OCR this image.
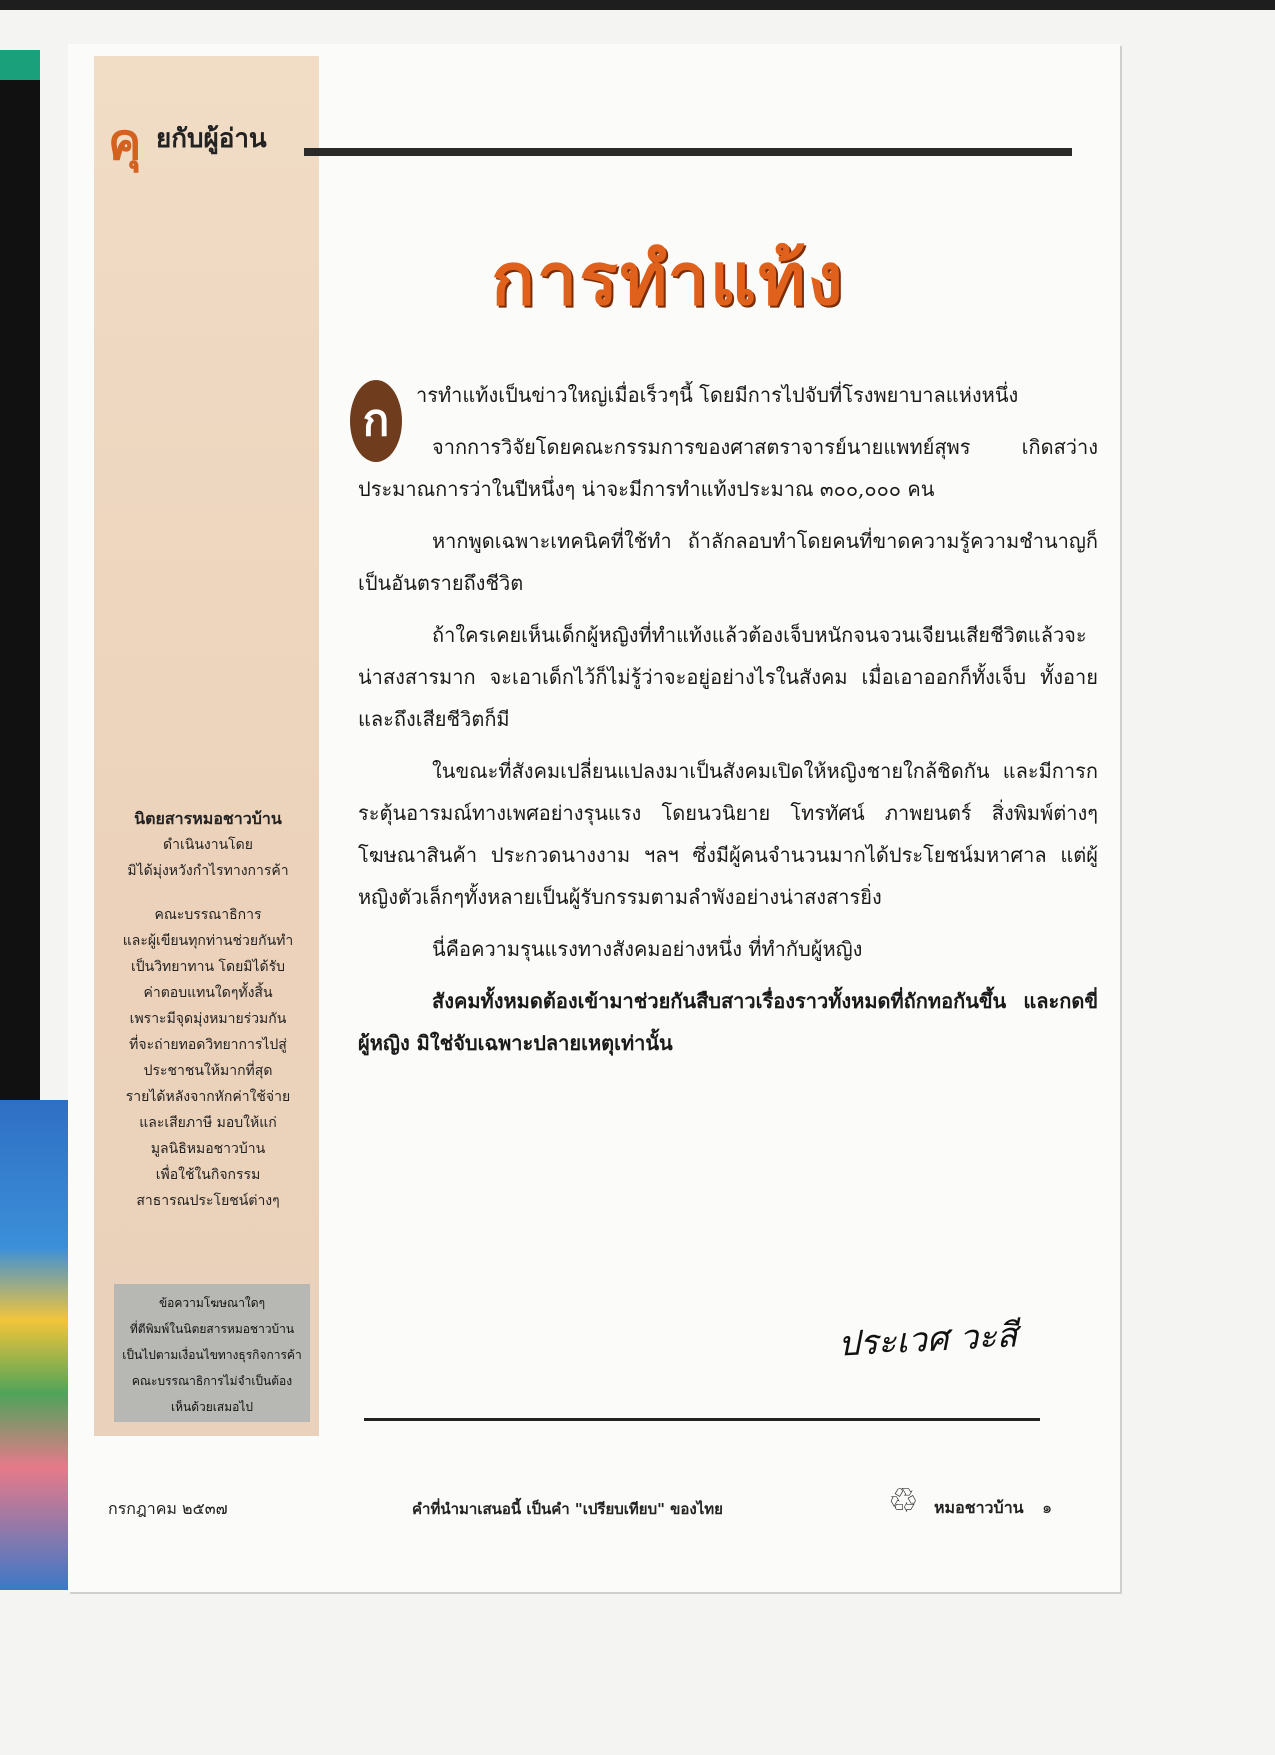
คุ ยกับผู้อ่าน
การทำแท้ง
ก	ารทำแท้งเป็นข่าวใหญ่เมื่อเร็วๆนี้ โดยมีการไปจับที่โรงพยาบาลแห่งหนึ่ง

จากการวิจัยโดยคณะกรรมการของศาสตราจารย์นายแพทย์สุพร เกิดสว่าง ประมาณการว่าในปีหนึ่งๆ น่าจะมีการทำแท้งประมาณ ๓๐๐,๐๐๐ คน

หากพูดเฉพาะเทคนิคที่ใช้ทำ ถ้าลักลอบทำโดยคนที่ขาดความรู้ความชำนาญก็เป็นอันตรายถึงชีวิต

ถ้าใครเคยเห็นเด็กผู้หญิงที่ทำแท้งแล้วต้องเจ็บหนักจนจวนเจียนเสียชีวิตแล้วจะน่าสงสารมาก จะเอาเด็กไว้ก็ไม่รู้ว่าจะอยู่อย่างไรในสังคม เมื่อเอาออกก็ทั้งเจ็บ ทั้งอาย และถึงเสียชีวิตก็มี

ในขณะที่สังคมเปลี่ยนแปลงมาเป็นสังคมเปิดให้หญิงชายใกล้ชิดกัน และมีการกระตุ้นอารมณ์ทางเพศอย่างรุนแรง โดยนวนิยาย โทรทัศน์ ภาพยนตร์ สิ่งพิมพ์ต่างๆ โฆษณาสินค้า ประกวดนางงาม ฯลฯ ซึ่งมีผู้คนจำนวนมากได้ประโยชน์มหาศาล แต่ผู้หญิงตัวเล็กๆทั้งหลายเป็นผู้รับกรรมตามลำพังอย่างน่าสงสารยิ่ง

นี่คือความรุนแรงทางสังคมอย่างหนึ่ง ที่ทำกับผู้หญิง

สังคมทั้งหมดต้องเข้ามาช่วยกันสืบสาวเรื่องราวทั้งหมดที่ถักทอกันขึ้น และกดขี่ผู้หญิง มิใช่จับเฉพาะปลายเหตุเท่านั้น

ประเวศ วะสี
นิตยสารหมอชาวบ้าน
ดำเนินงานโดย
มิได้มุ่งหวังกำไรทางการค้า
คณะบรรณาธิการ
และผู้เขียนทุกท่านช่วยกันทำ
เป็นวิทยาทาน โดยมิได้รับ
ค่าตอบแทนใดๆทั้งสิ้น
เพราะมีจุดมุ่งหมายร่วมกัน
ที่จะถ่ายทอดวิทยาการไปสู่
ประชาชนให้มากที่สุด
รายได้หลังจากหักค่าใช้จ่าย
และเสียภาษี มอบให้แก่
มูลนิธิหมอชาวบ้าน
เพื่อใช้ในกิจกรรม
สาธารณประโยชน์ต่างๆ
ข้อความโฆษณาใดๆ
ที่ตีพิมพ์ในนิตยสารหมอชาวบ้าน
เป็นไปตามเงื่อนไขทางธุรกิจการค้า
คณะบรรณาธิการไม่จำเป็นต้อง
เห็นด้วยเสมอไป
กรกฎาคม ๒๕๓๗	คำที่นำมาเสนอนี้ เป็นคำ "เปรียบเทียบ" ของไทย	♲ หมอชาวบ้าน ๑
